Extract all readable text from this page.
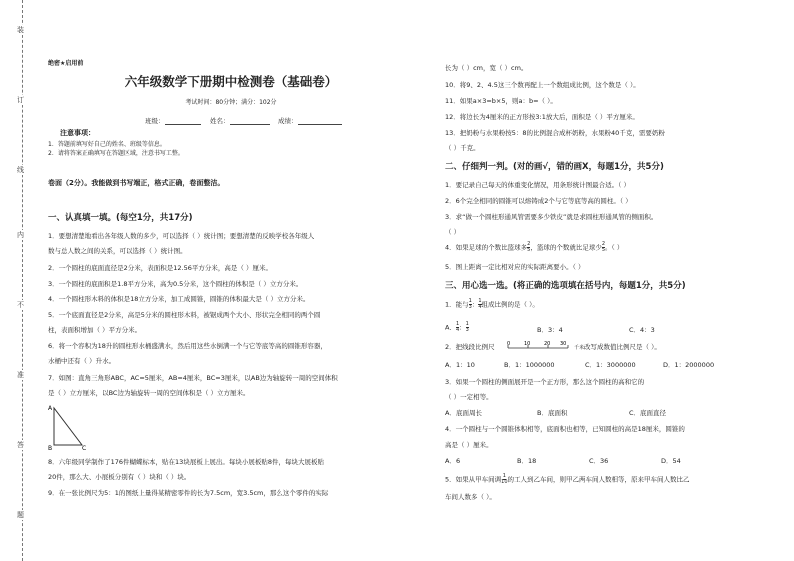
装
订
线
内
不
准
答
题
绝密★启用前
六年级数学下册期中检测卷（基础卷）
考试时间：80分钟；满分：102分
班级：	姓名：	成绩：
注意事项：
1．答题前填写好自己的姓名、班级等信息。
2．请将答案正确填写在答题区域，注意书写工整。
卷面（2分）。我能做到书写端正，格式正确，卷面整洁。
一、认真填一填。(每空1分，共17分)
1．要想清楚地看出各年级人数的多少，可以选择（ ）统计图；要想清楚的反映学校各年级人
数与总人数之间的关系，可以选择（ ）统计图。
2．一个圆柱的底面直径是2分米，表面积是12.56平方分米，高是（ ）厘米。
3．一个圆柱的底面积是1.8平方分米，高为0.5分米，这个圆柱的体积是（ ）立方分米。
4．一个圆柱形木料的体积是18立方分米，加工成圆锥，圆锥的体积最大是（ ）立方分米。
5．一个底面直径是2分米，高是5分米的圆柱形木料，被锯成两个大小、形状完全相同的两个圆
柱，表面积增加（ ）平方分米。
6．将一个容积为18升的圆柱形水桶盛满水，然后用这些水倒满一个与它等底等高的圆锥形容器，
水桶中还有（ ）升水。
7．如图：直角三角形ABC，AC=5厘米，AB=4厘米，BC=3厘米，以AB边为轴旋转一周的空间体积
是（ ）立方厘米，以BC边为轴旋转一周的空间体积是（ ）立方厘米。
A
B	C
8．六年级同学制作了176件蝴蝶标本，贴在13块展板上展出。每块小展板贴8件，每块大展板贴
20件，那么大、小展板分别有（ ）块和（ ）块。
9．在一张比例尺为5：1的图纸上量得某精密零件的长为7.5cm，宽3.5cm，那么这个零件的实际
长为（ ）cm，宽（ ）cm。
10．将9、2、4.5这三个数再配上一个数组成比例，这个数是（ ）。
11．如果a×3=b×5，则a：b=（ ）。
12．将边长为4厘米的正方形按3:1放大后，面积是（ ）平方厘米。
13．把奶粉与水果粉按5：8的比例混合成杯奶粉，水果粉40千克，需要奶粉
（ ）千克。
二、仔细判一判。(对的画√，错的画X，每题1分，共5分)
1．要记录自己每天的体重变化情况，用条形统计图最合适。（ ）
2．6个完全相同的圆锥可以熔铸成2个与它等底等高的圆柱。（ ）
3．求“做一个圆柱形通风管需要多少铁皮”就是求圆柱形通风管的侧面积。
（ ）
4．如果足球的个数比篮球多 $\frac{2}{5}$ ，篮球的个数就比足球少 $\frac{2}{5}$ 。（ ）
5．图上距离一定比相对应的实际距离要小。（ ）
三、用心选一选。(将正确的选项填在括号内，每题1分，共5分)
1．能与 $\frac{1}{3}$ ： $\frac{1}{4}$ 组成比例的是（ ）。
A． $\frac{1}{4}$ ： $\frac{1}{3}$	B．3：4	C．4：3
2．把线段比例尺 0	10	20 30
千米改写成数值比例尺是（ ）。
A．1：10	B．1：1000000	C．1：3000000	D．1：2000000
3．如果一个圆柱的侧面展开是一个正方形，那么这个圆柱的高和它的
（ ）一定相等。
A．底面周长	B．底面积	C．底面直径
4．一个圆柱与一个圆锥体积相等，底面积也相等，已知圆柱的高是18厘米，圆锥的
高是（ ）厘米。
A．6	B．18	C．36	D．54
5．如果从甲车间调 $\frac{1}{10}$ 的工人到乙车间，则甲乙两车间人数相等，原来甲车间人数比乙
车间人数多（ ）。
